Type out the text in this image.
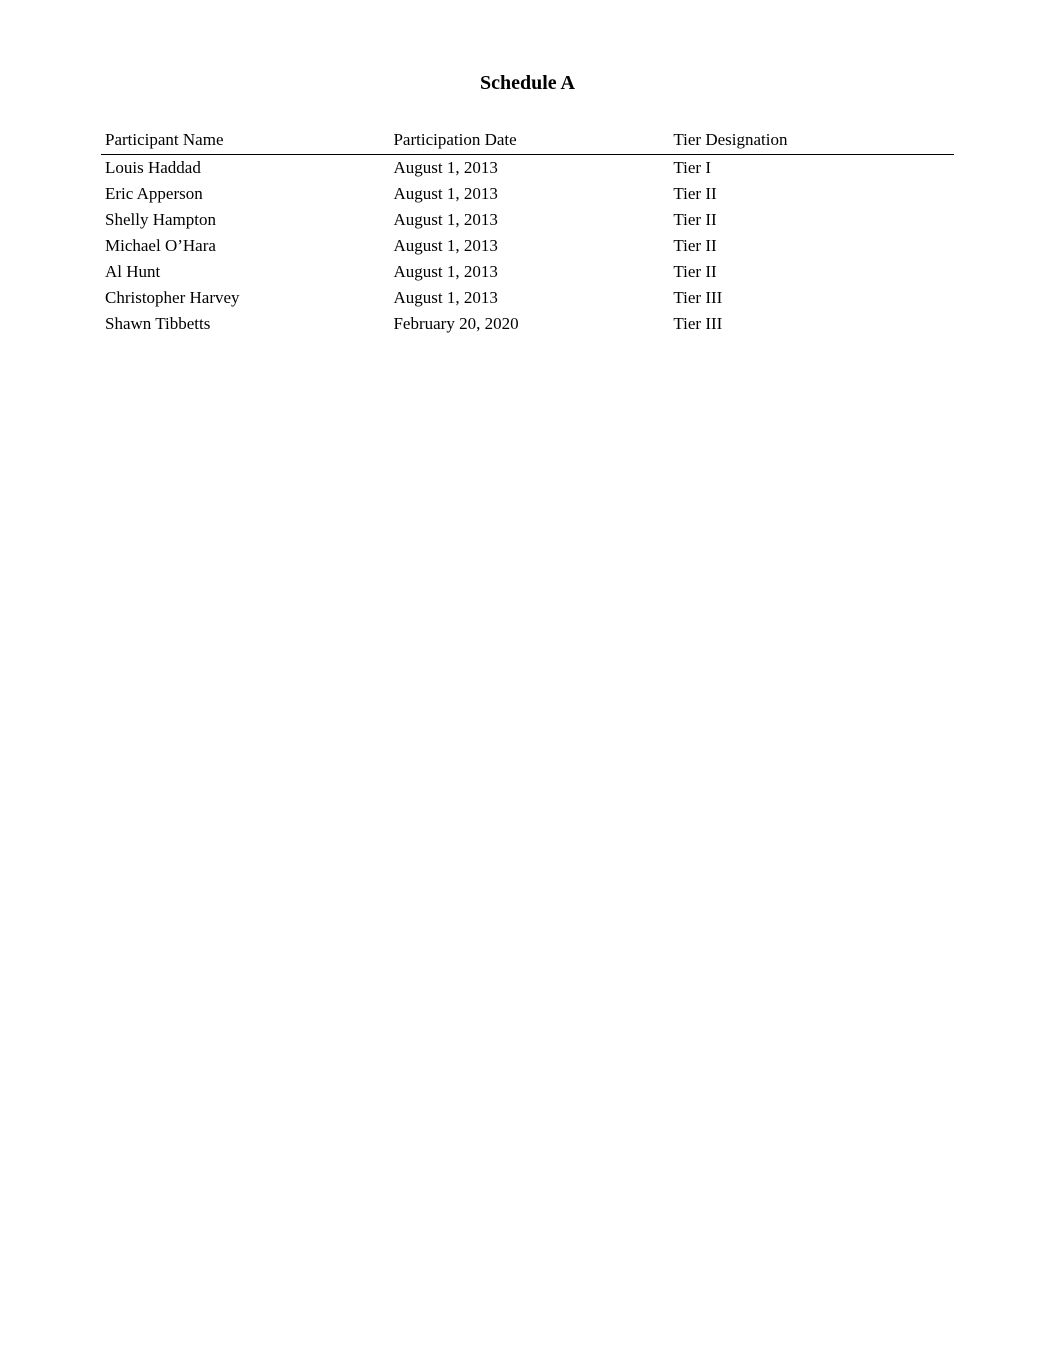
Schedule A
Participant Name	Participation Date	Tier Designation
Louis Haddad	August 1, 2013	Tier I
Eric Apperson	August 1, 2013	Tier II
Shelly Hampton	August 1, 2013	Tier II
Michael O’Hara	August 1, 2013	Tier II
Al Hunt	August 1, 2013	Tier II
Christopher Harvey	August 1, 2013	Tier III
Shawn Tibbetts	February 20, 2020	Tier III
